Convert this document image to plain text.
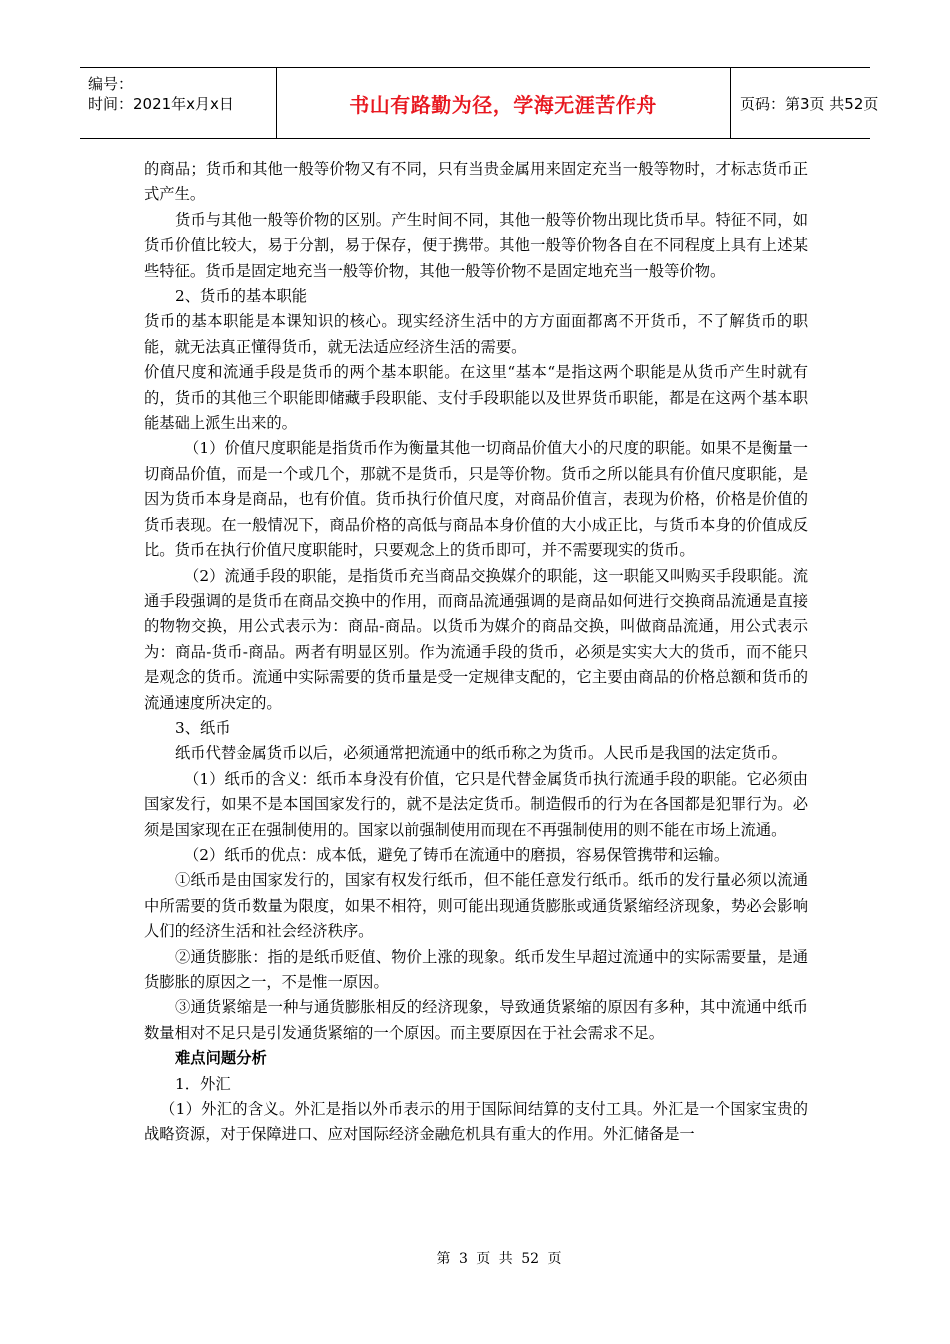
编号：
时间：2021年x月x日	书山有路勤为径，学海无涯苦作舟	页码：第3页 共52页

的商品；货币和其他一般等价物又有不同，只有当贵金属用来固定充当一般等物时，才标志货币正式产生。

货币与其他一般等价物的区别。产生时间不同，其他一般等价物出现比货币早。特征不同，如货币价值比较大，易于分割，易于保存，便于携带。其他一般等价物各自在不同程度上具有上述某些特征。货币是固定地充当一般等价物，其他一般等价物不是固定地充当一般等价物。

2、货币的基本职能

货币的基本职能是本课知识的核心。现实经济生活中的方方面面都离不开货币，不了解货币的职能，就无法真正懂得货币，就无法适应经济生活的需要。

价值尺度和流通手段是货币的两个基本职能。在这里“基本“是指这两个职能是从货币产生时就有的，货币的其他三个职能即储藏手段职能、支付手段职能以及世界货币职能，都是在这两个基本职能基础上派生出来的。

（1）价值尺度职能是指货币作为衡量其他一切商品价值大小的尺度的职能。如果不是衡量一切商品价值，而是一个或几个，那就不是货币，只是等价物。货币之所以能具有价值尺度职能，是因为货币本身是商品，也有价值。货币执行价值尺度，对商品价值言，表现为价格，价格是价值的货币表现。在一般情况下，商品价格的高低与商品本身价值的大小成正比，与货币本身的价值成反比。货币在执行价值尺度职能时，只要观念上的货币即可，并不需要现实的货币。

（2）流通手段的职能，是指货币充当商品交换媒介的职能，这一职能又叫购买手段职能。流通手段强调的是货币在商品交换中的作用，而商品流通强调的是商品如何进行交换商品流通是直接的物物交换，用公式表示为：商品-商品。以货币为媒介的商品交换，叫做商品流通，用公式表示为：商品-货币-商品。两者有明显区别。作为流通手段的货币，必须是实实大大的货币，而不能只是观念的货币。流通中实际需要的货币量是受一定规律支配的，它主要由商品的价格总额和货币的流通速度所决定的。

3、纸币

纸币代替金属货币以后，必须通常把流通中的纸币称之为货币。人民币是我国的法定货币。

（1）纸币的含义：纸币本身没有价值，它只是代替金属货币执行流通手段的职能。它必须由国家发行，如果不是本国国家发行的，就不是法定货币。制造假币的行为在各国都是犯罪行为。必须是国家现在正在强制使用的。国家以前强制使用而现在不再强制使用的则不能在市场上流通。

（2）纸币的优点：成本低，避免了铸币在流通中的磨损，容易保管携带和运输。

①纸币是由国家发行的，国家有权发行纸币，但不能任意发行纸币。纸币的发行量必须以流通中所需要的货币数量为限度，如果不相符，则可能出现通货膨胀或通货紧缩经济现象，势必会影响人们的经济生活和社会经济秩序。

②通货膨胀：指的是纸币贬值、物价上涨的现象。纸币发生早超过流通中的实际需要量，是通货膨胀的原因之一，不是惟一原因。

③通货紧缩是一种与通货膨胀相反的经济现象，导致通货紧缩的原因有多种，其中流通中纸币数量相对不足只是引发通货紧缩的一个原因。而主要原因在于社会需求不足。

难点问题分析

1．外汇

（1）外汇的含义。外汇是指以外币表示的用于国际间结算的支付工具。外汇是一个国家宝贵的战略资源，对于保障进口、应对国际经济金融危机具有重大的作用。外汇储备是一

第 3 页 共 52 页
